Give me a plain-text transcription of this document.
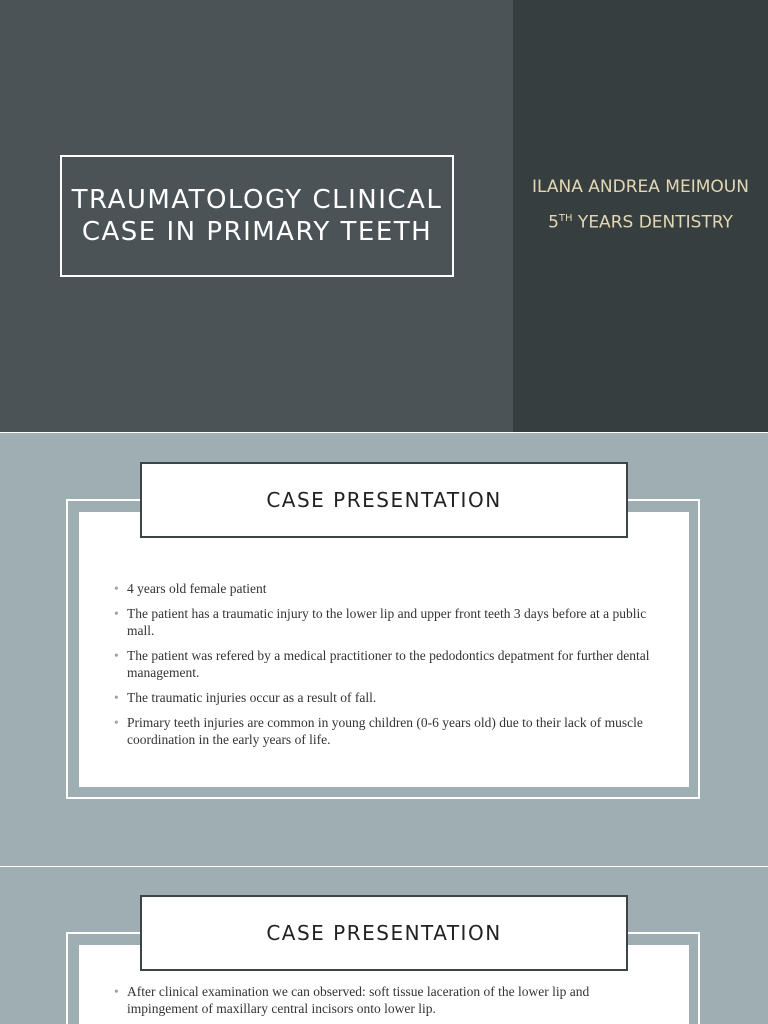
TRAUMATOLOGY CLINICAL CASE IN PRIMARY TEETH
ILANA ANDREA MEIMOUN
5TH YEARS DENTISTRY
• 4 years old female patient
• The patient has a traumatic injury to the lower lip and upper front teeth 3 days before at a public mall.
• The patient was refered by a medical practitioner to the pedodontics depatment for further dental management.
• The traumatic injuries occur as a result of fall.
• Primary teeth injuries are common in young children (0-6 years old) due to their lack of muscle coordination in the early years of life.
CASE PRESENTATION
• After clinical examination we can observed: soft tissue laceration of the lower lip and impingement of maxillary central incisors onto lower lip.
CASE PRESENTATION
